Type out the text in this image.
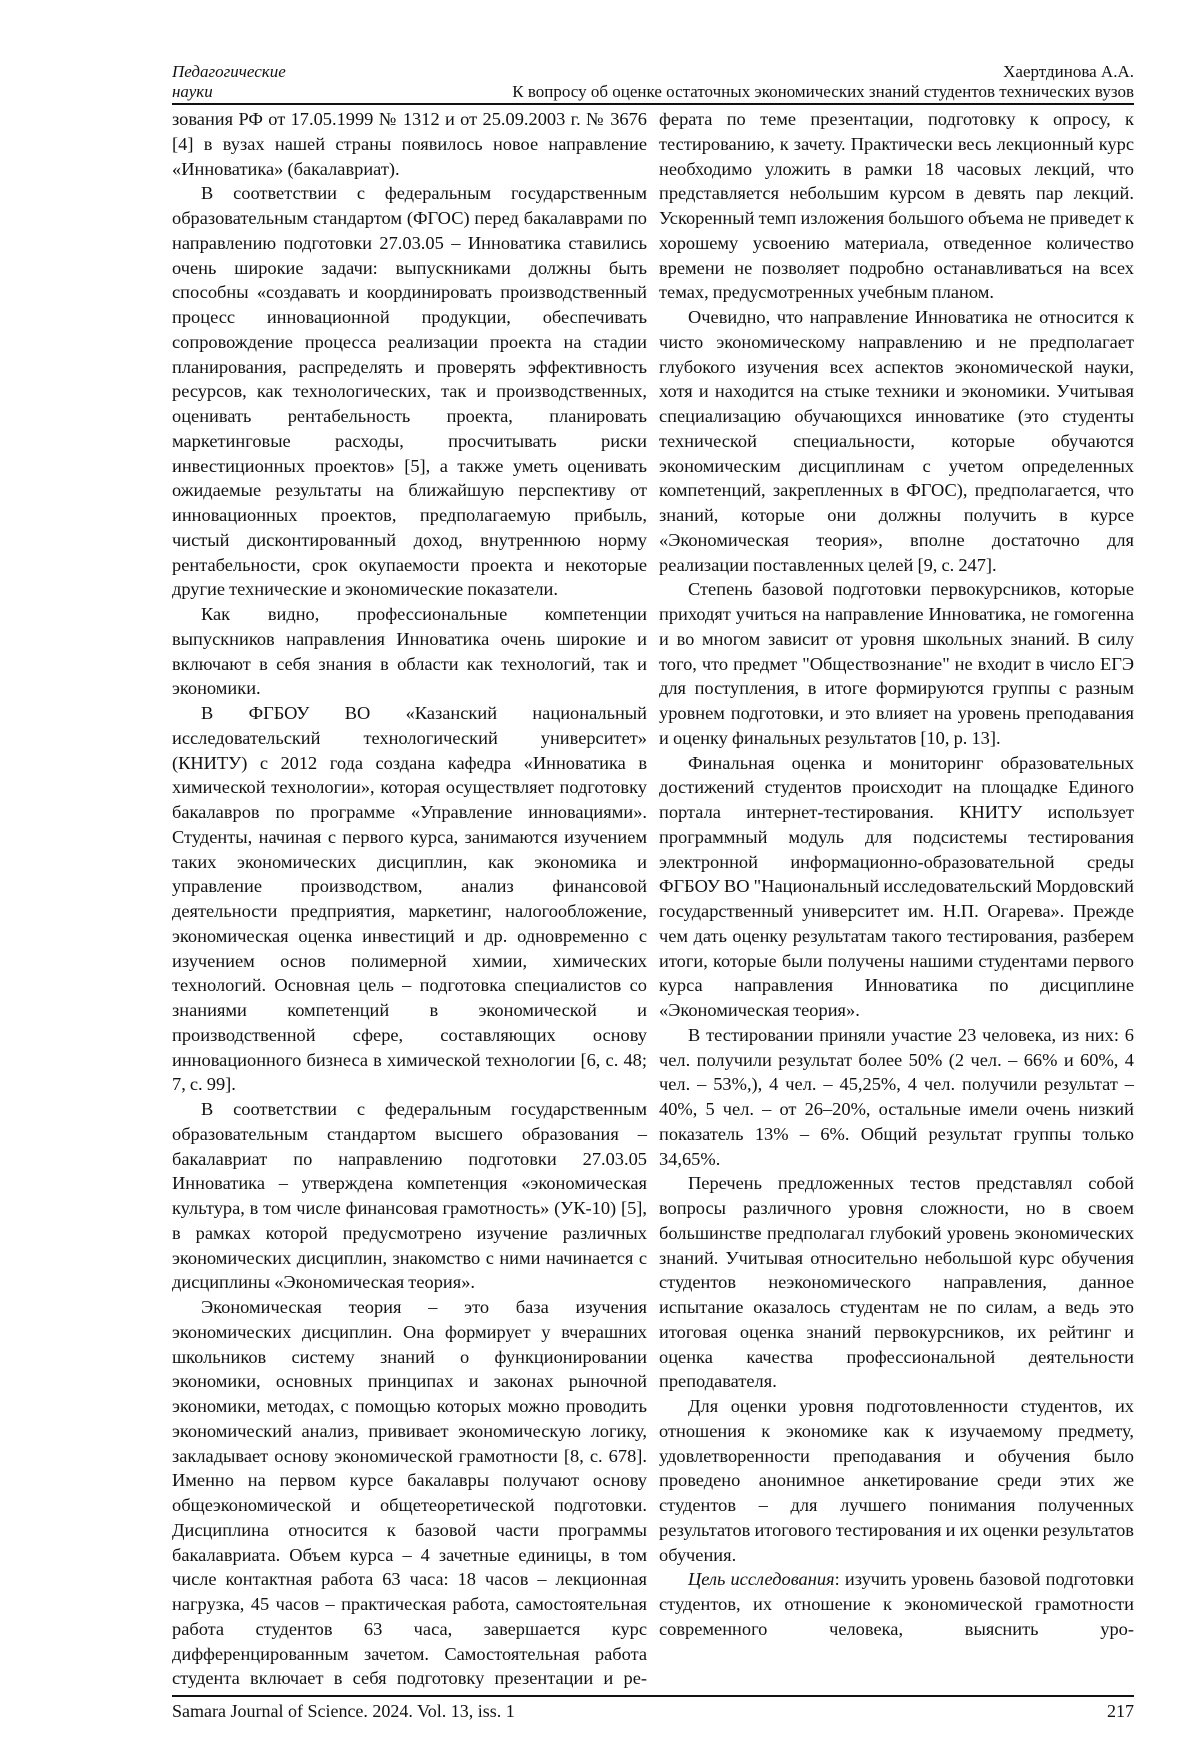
Педагогические	Хаертдинова А.А.
науки	К вопросу об оценке остаточных экономических знаний студентов технических вузов

зования РФ от 17.05.1999 № 1312 и от 25.09.2003 г. № 3676 [4] в вузах нашей страны появилось новое направление «Инноватика» (бакалавриат).

В соответствии с федеральным государственным образовательным стандартом (ФГОС) перед бакалаврами по направлению подготовки 27.03.05 – Инноватика ставились очень широкие задачи: выпускниками должны быть способны «создавать и координировать производственный процесс инновационной продукции, обеспечивать сопровождение процесса реализации проекта на стадии планирования, распределять и проверять эффективность ресурсов, как технологических, так и производственных, оценивать рентабельность проекта, планировать маркетинговые расходы, просчитывать риски инвестиционных проектов» [5], а также уметь оценивать ожидаемые результаты на ближайшую перспективу от инновационных проектов, предполагаемую прибыль, чистый дисконтированный доход, внутреннюю норму рентабельности, срок окупаемости проекта и некоторые другие технические и экономические показатели.

Как видно, профессиональные компетенции выпускников направления Инноватика очень широкие и включают в себя знания в области как технологий, так и экономики.

В ФГБОУ ВО «Казанский национальный исследовательский технологический университет» (КНИТУ) с 2012 года создана кафедра «Инноватика в химической технологии», которая осуществляет подготовку бакалавров по программе «Управление инновациями». Студенты, начиная с первого курса, занимаются изучением таких экономических дисциплин, как экономика и управление производством, анализ финансовой деятельности предприятия, маркетинг, налогообложение, экономическая оценка инвестиций и др. одновременно с изучением основ полимерной химии, химических технологий. Основная цель – подготовка специалистов со знаниями компетенций в экономической и производственной сфере, составляющих основу инновационного бизнеса в химической технологии [6, с. 48; 7, с. 99].

В соответствии с федеральным государственным образовательным стандартом высшего образования – бакалавриат по направлению подготовки 27.03.05 Инноватика – утверждена компетенция «экономическая культура, в том числе финансовая грамотность» (УК-10) [5], в рамках которой предусмотрено изучение различных экономических дисциплин, знакомство с ними начинается с дисциплины «Экономическая теория».

Экономическая теория – это база изучения экономических дисциплин. Она формирует у вчерашних школьников систему знаний о функционировании экономики, основных принципах и законах рыночной экономики, методах, с помощью которых можно проводить экономический анализ, прививает экономическую логику, закладывает основу экономической грамотности [8, с. 678]. Именно на первом курсе бакалавры получают основу общеэкономической и общетеоретической подготовки. Дисциплина относится к базовой части программы бакалавриата. Объем курса – 4 зачетные единицы, в том числе контактная работа 63 часа: 18 часов – лекционная нагрузка, 45 часов – практическая работа, самостоятельная работа студентов 63 часа, завершается курс дифференцированным зачетом. Самостоятельная работа студента включает в себя подготовку презентации и ре-

ферата по теме презентации, подготовку к опросу, к тестированию, к зачету. Практически весь лекционный курс необходимо уложить в рамки 18 часовых лекций, что представляется небольшим курсом в девять пар лекций. Ускоренный темп изложения большого объема не приведет к хорошему усвоению материала, отведенное количество времени не позволяет подробно останавливаться на всех темах, предусмотренных учебным планом.

Очевидно, что направление Инноватика не относится к чисто экономическому направлению и не предполагает глубокого изучения всех аспектов экономической науки, хотя и находится на стыке техники и экономики. Учитывая специализацию обучающихся инноватике (это студенты технической специальности, которые обучаются экономическим дисциплинам с учетом определенных компетенций, закрепленных в ФГОС), предполагается, что знаний, которые они должны получить в курсе «Экономическая теория», вполне достаточно для реализации поставленных целей [9, с. 247].

Степень базовой подготовки первокурсников, которые приходят учиться на направление Инноватика, не гомогенна и во многом зависит от уровня школьных знаний. В силу того, что предмет "Обществознание" не входит в число ЕГЭ для поступления, в итоге формируются группы с разным уровнем подготовки, и это влияет на уровень преподавания и оценку финальных результатов [10, р. 13].

Финальная оценка и мониторинг образовательных достижений студентов происходит на площадке Единого портала интернет-тестирования. КНИТУ использует программный модуль для подсистемы тестирования электронной информационно-образовательной среды ФГБОУ ВО "Национальный исследовательский Мордовский государственный университет им. Н.П. Огарева». Прежде чем дать оценку результатам такого тестирования, разберем итоги, которые были получены нашими студентами первого курса направления Инноватика по дисциплине «Экономическая теория».

В тестировании приняли участие 23 человека, из них: 6 чел. получили результат более 50% (2 чел. – 66% и 60%, 4 чел. – 53%,), 4 чел. – 45,25%, 4 чел. получили результат – 40%, 5 чел. – от 26–20%, остальные имели очень низкий показатель 13% – 6%. Общий результат группы только 34,65%.

Перечень предложенных тестов представлял собой вопросы различного уровня сложности, но в своем большинстве предполагал глубокий уровень экономических знаний. Учитывая относительно небольшой курс обучения студентов неэкономического направления, данное испытание оказалось студентам не по силам, а ведь это итоговая оценка знаний первокурсников, их рейтинг и оценка качества профессиональной деятельности преподавателя.

Для оценки уровня подготовленности студентов, их отношения к экономике как к изучаемому предмету, удовлетворенности преподавания и обучения было проведено анонимное анкетирование среди этих же студентов – для лучшего понимания полученных результатов итогового тестирования и их оценки результатов обучения.

Цель исследования: изучить уровень базовой подготовки студентов, их отношение к экономической грамотности современного человека, выяснить уро-

Samara Journal of Science. 2024. Vol. 13, iss. 1	217
